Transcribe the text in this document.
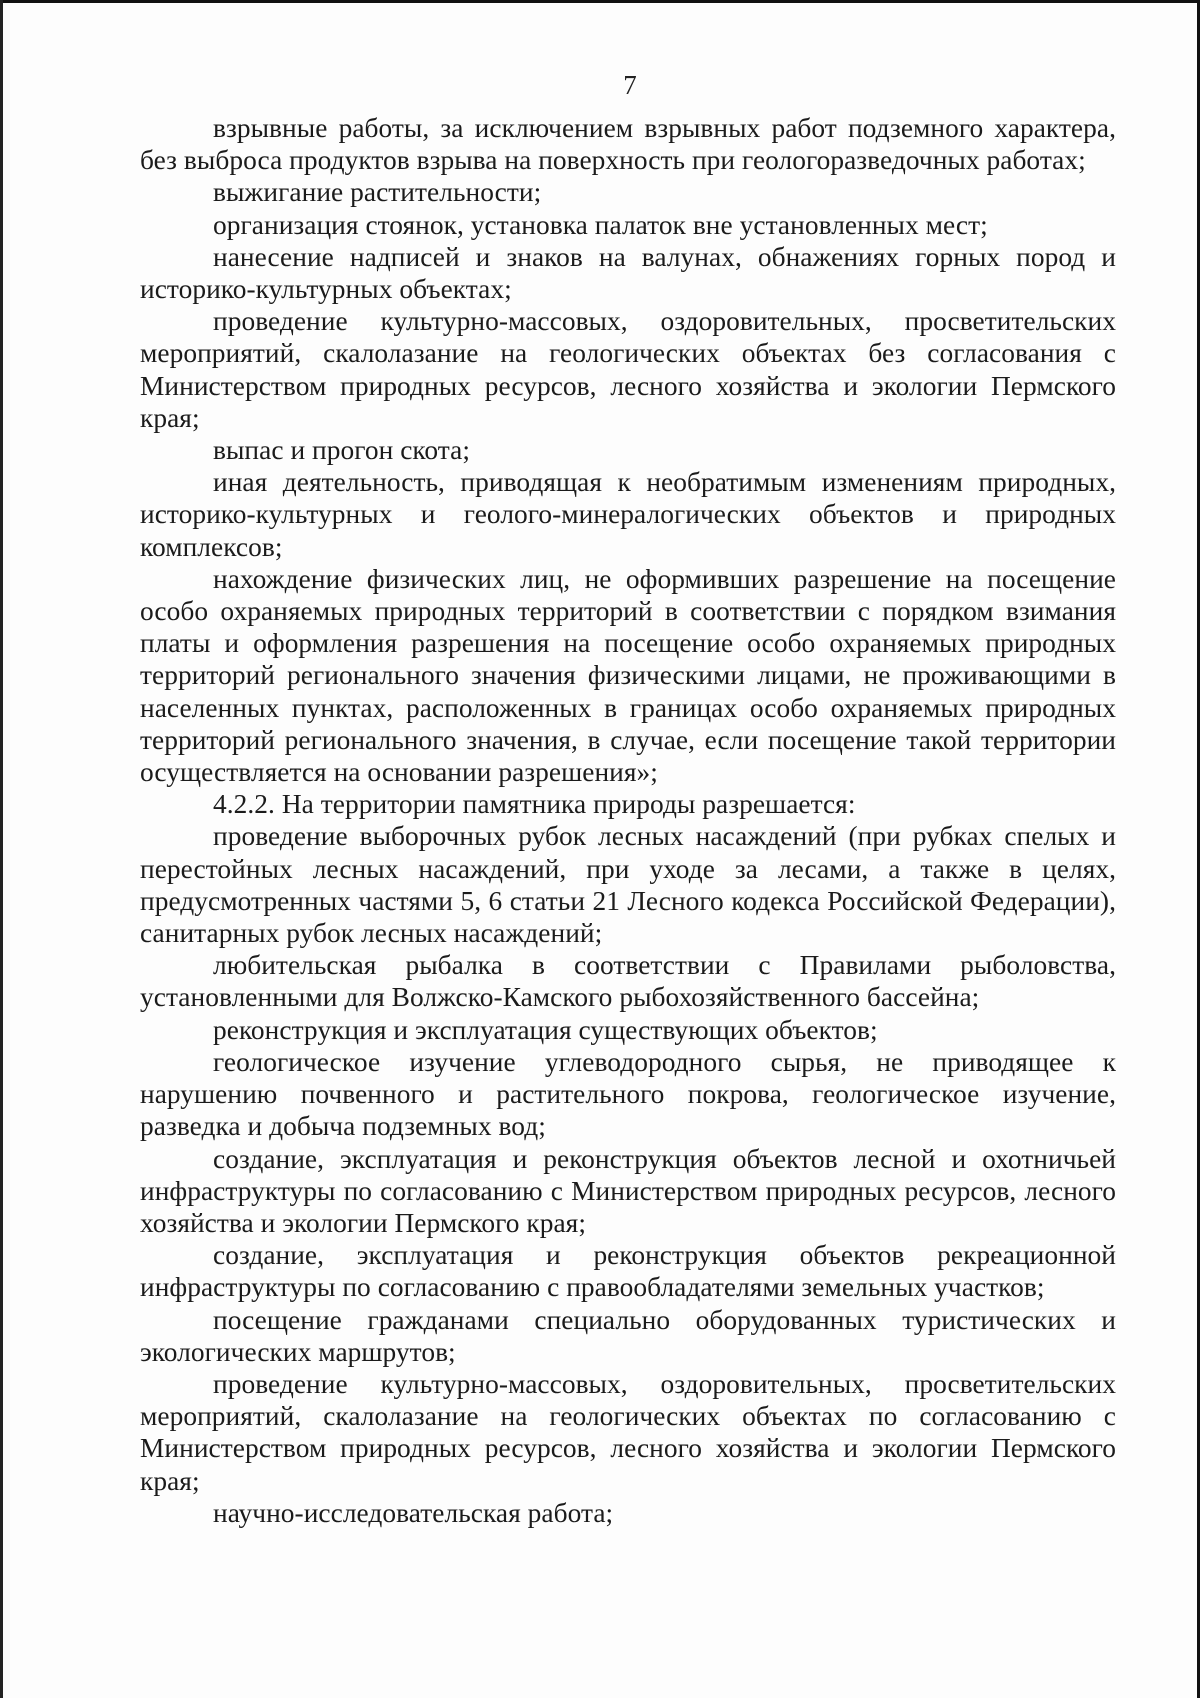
7

взрывные работы, за исключением взрывных работ подземного характера, без выброса продуктов взрыва на поверхность при геологоразведочных работах;

выжигание растительности;

организация стоянок, установка палаток вне установленных мест;

нанесение надписей и знаков на валунах, обнажениях горных пород и историко-культурных объектах;

проведение культурно-массовых, оздоровительных, просветительских мероприятий, скалолазание на геологических объектах без согласования с Министерством природных ресурсов, лесного хозяйства и экологии Пермского края;

выпас и прогон скота;

иная деятельность, приводящая к необратимым изменениям природных, историко-культурных и геолого-минералогических объектов и природных комплексов;

нахождение физических лиц, не оформивших разрешение на посещение особо охраняемых природных территорий в соответствии с порядком взимания платы и оформления разрешения на посещение особо охраняемых природных территорий регионального значения физическими лицами, не проживающими в населенных пунктах, расположенных в границах особо охраняемых природных территорий регионального значения, в случае, если посещение такой территории осуществляется на основании разрешения»;

4.2.2. На территории памятника природы разрешается:

проведение выборочных рубок лесных насаждений (при рубках спелых и перестойных лесных насаждений, при уходе за лесами, а также в целях, предусмотренных частями 5, 6 статьи 21 Лесного кодекса Российской Федерации), санитарных рубок лесных насаждений;

любительская рыбалка в соответствии с Правилами рыболовства, установленными для Волжско-Камского рыбохозяйственного бассейна;

реконструкция и эксплуатация существующих объектов;

геологическое изучение углеводородного сырья, не приводящее к нарушению почвенного и растительного покрова, геологическое изучение, разведка и добыча подземных вод;

создание, эксплуатация и реконструкция объектов лесной и охотничьей инфраструктуры по согласованию с Министерством природных ресурсов, лесного хозяйства и экологии Пермского края;

создание, эксплуатация и реконструкция объектов рекреационной инфраструктуры по согласованию с правообладателями земельных участков;

посещение гражданами специально оборудованных туристических и экологических маршрутов;

проведение культурно-массовых, оздоровительных, просветительских мероприятий, скалолазание на геологических объектах по согласованию с Министерством природных ресурсов, лесного хозяйства и экологии Пермского края;

научно-исследовательская работа;
